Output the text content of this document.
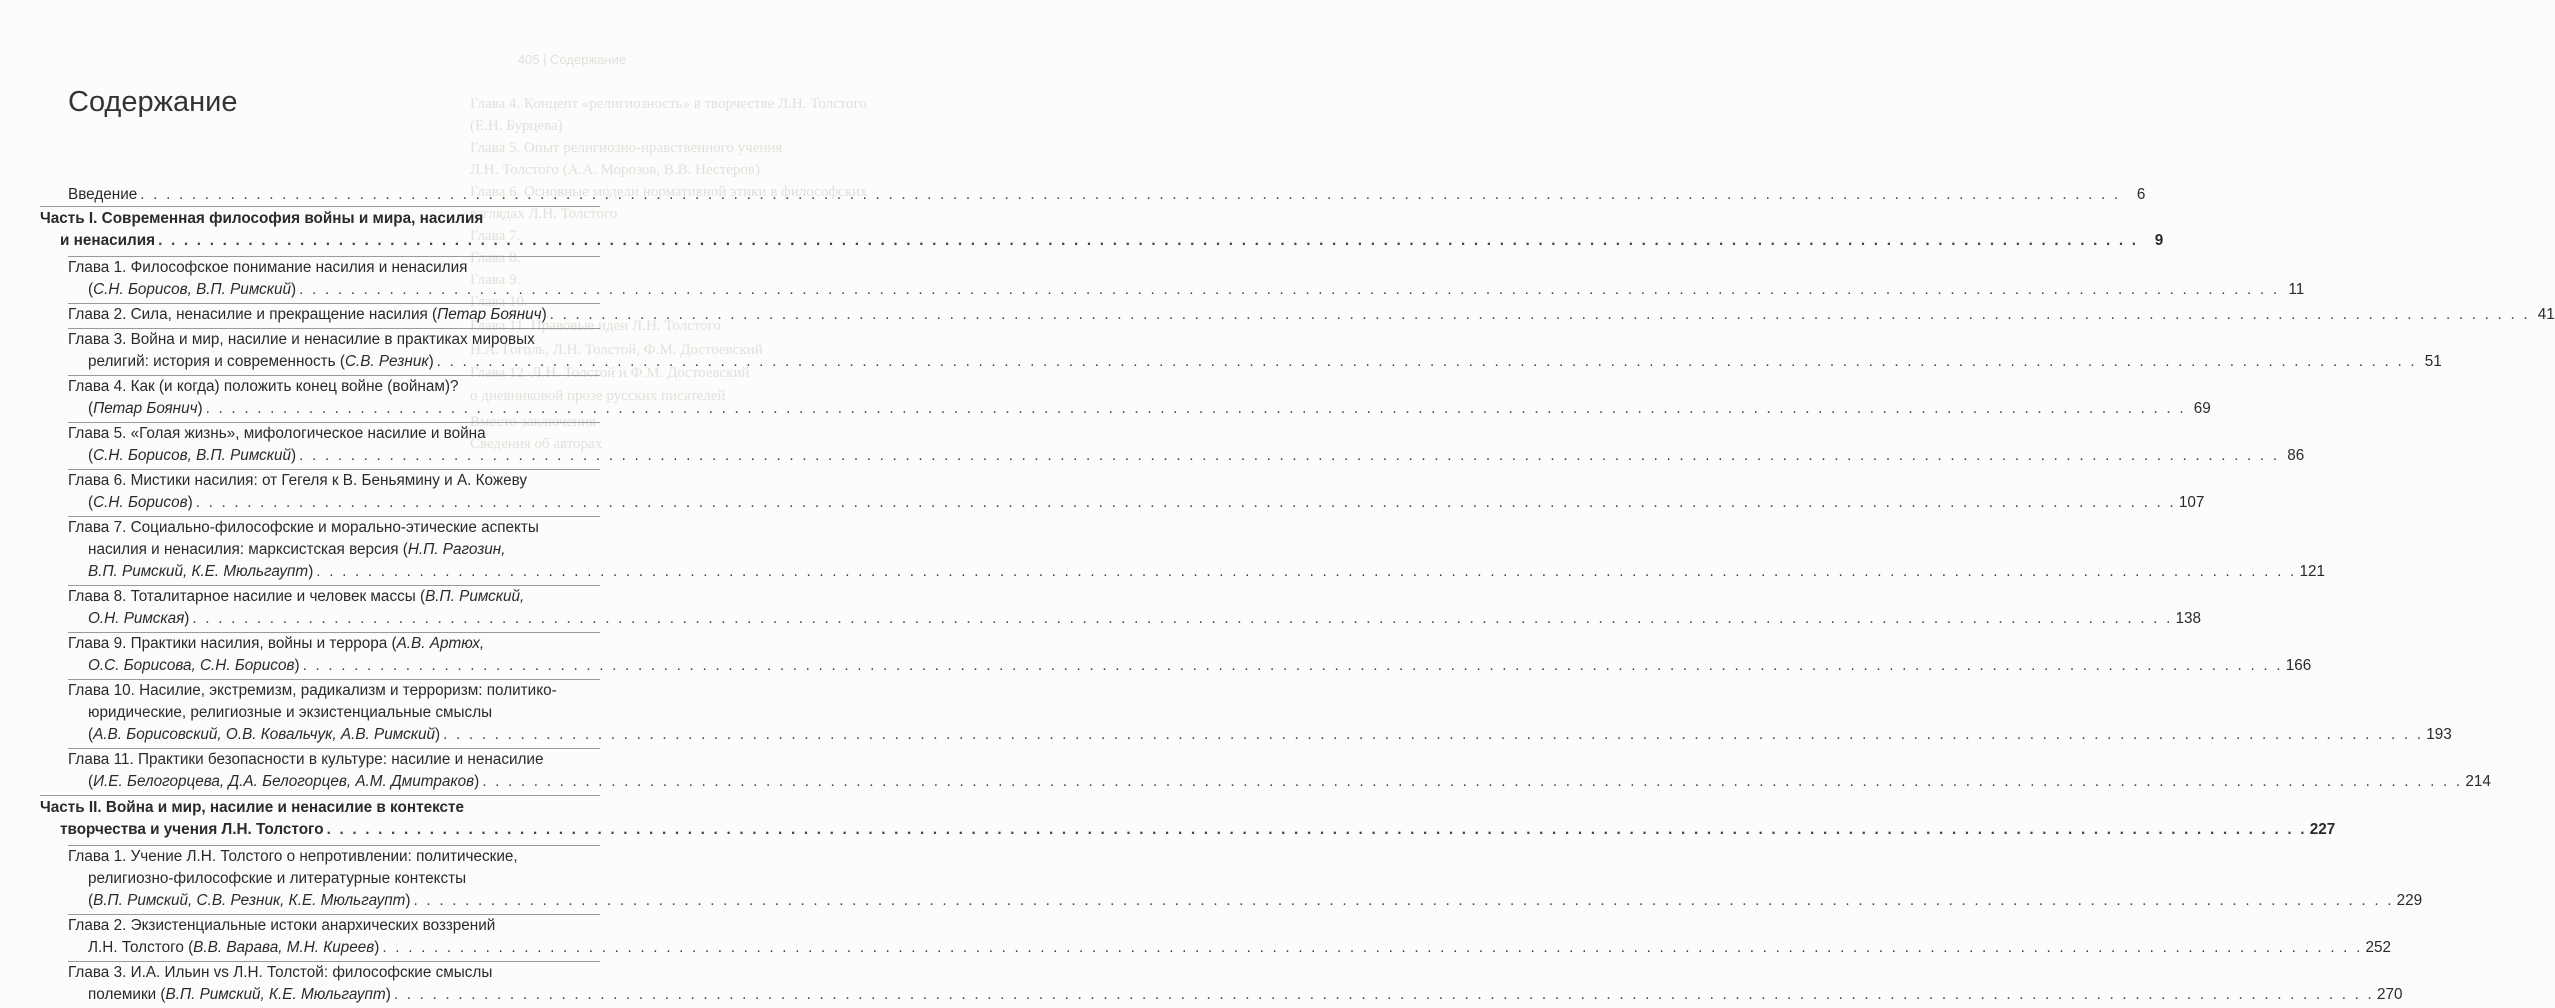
405 | Содержание
Глава 4. Концепт «религиозность» в творчестве Л.Н. Толстого
(Е.Н. Бурцева)
Глава 5. Опыт религиозно-нравственного учения
Л.Н. Толстого (А.А. Морозов, В.В. Нестеров)
Глава 6. Основные модели нормативной этики в философских
взглядах Л.Н. Толстого
Глава 7.
Глава 8.
Глава 9.
Глава 10.
Глава 11. Правовые идеи Л.Н. Толстого
Н.А. Гоголь, Л.Н. Толстой, Ф.М. Достоевский
Глава 12. Л.Н. Толстой и Ф.М. Достоевский
о дневниковой прозе русских писателей
Вместо заключения
Сведения об авторах
Содержание
Введение . . .	6
Часть I. Современная философия войны и мира, насилия
и ненасилия . . .	9
Глава 1. Философское понимание насилия и ненасилия
(С.Н. Борисов, В.П. Римский) . . .	11
Глава 2. Сила, ненасилие и прекращение насилия (Петар Боянич) . . .	41
Глава 3. Война и мир, насилие и ненасилие в практиках мировых
религий: история и современность (С.В. Резник) . . .	51
Глава 4. Как (и когда) положить конец войне (войнам)?
(Петар Боянич) . . .	69
Глава 5. «Голая жизнь», мифологическое насилие и война
(С.Н. Борисов, В.П. Римский) . . .	86
Глава 6. Мистики насилия: от Гегеля к В. Беньямину и А. Кожеву
(С.Н. Борисов) . . .	107
Глава 7. Социально-философские и морально-этические аспекты
насилия и ненасилия: марксистская версия (Н.П. Рагозин,
В.П. Римский, К.Е. Мюльгаупт) . . .	121
Глава 8. Тоталитарное насилие и человек массы (В.П. Римский,
О.Н. Римская) . . .	138
Глава 9. Практики насилия, войны и террора (А.В. Артюх,
О.С. Борисова, С.Н. Борисов) . . .	166
Глава 10. Насилие, экстремизм, радикализм и терроризм: политико-
юридические, религиозные и экзистенциальные смыслы
(А.В. Борисовский, О.В. Ковальчук, А.В. Римский) . . .	193
Глава 11. Практики безопасности в культуре: насилие и ненасилие
(И.Е. Белогорцева, Д.А. Белогорцев, А.М. Дмитраков) . . .	214
Часть II. Война и мир, насилие и ненасилие в контексте
творчества и учения Л.Н. Толстого . . .	227
Глава 1. Учение Л.Н. Толстого о непротивлении: политические,
религиозно-философские и литературные контексты
(В.П. Римский, С.В. Резник, К.Е. Мюльгаупт) . . .	229
Глава 2. Экзистенциальные истоки анархических воззрений
Л.Н. Толстого (В.В. Варава, М.Н. Киреев) . . .	252
Глава 3. И.А. Ильин vs Л.Н. Толстой: философские смыслы
полемики (В.П. Римский, К.Е. Мюльгаупт) . . .	270
